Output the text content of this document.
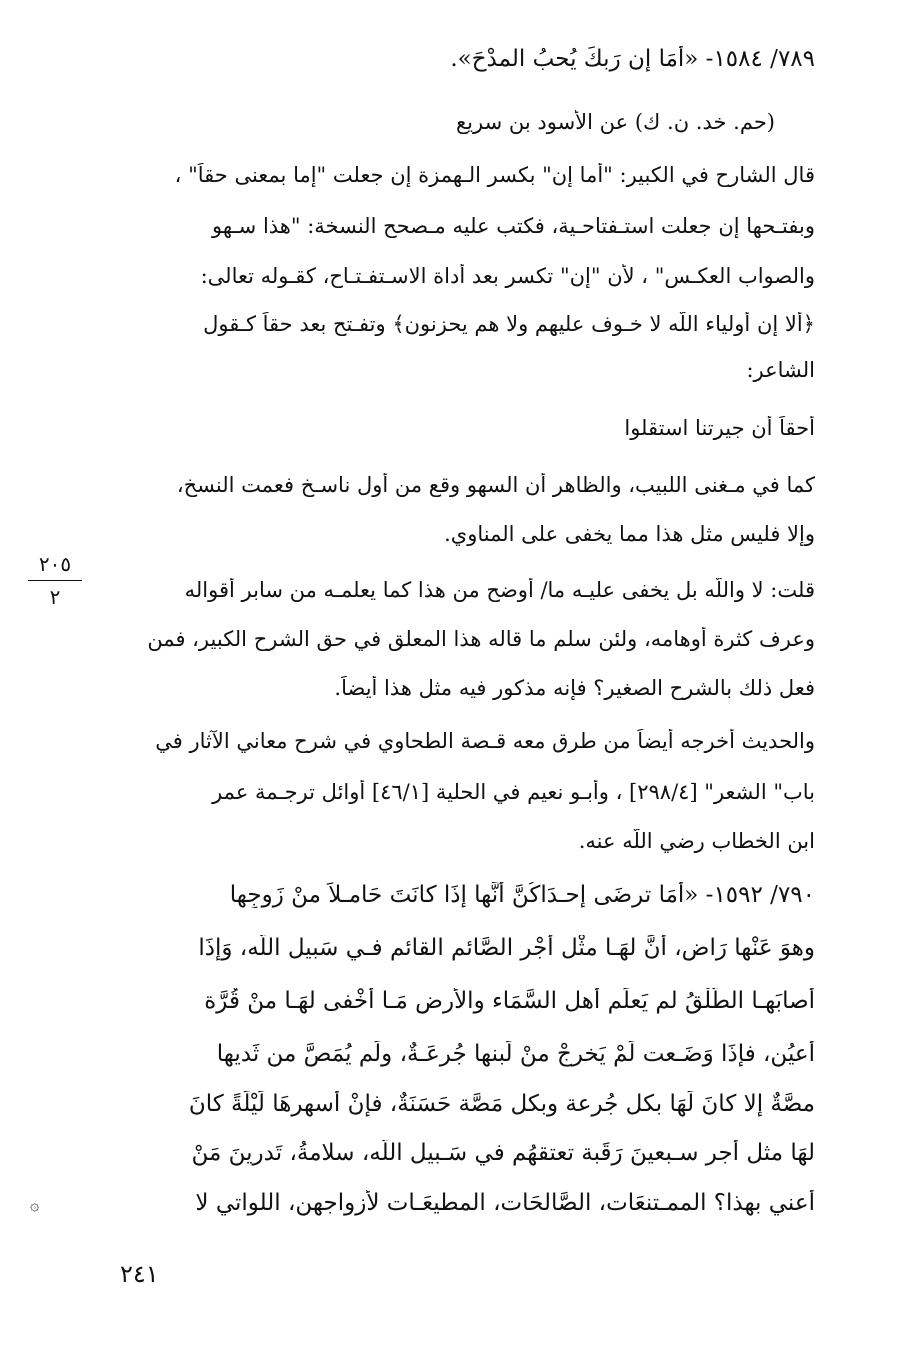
٧٨٩/ ١٥٨٤- «أَمَا إن رَبكَ يُحبُ المدْحَ».
(حم. خد. ن. ك) عن الأسود بن سريع
قال الشارح في الكبير: "أما إن" بكسر الـهمزة إن جعلت "إما بمعنى حقاً" ،
وبفتـحها إن جعلت استـفتاحـية، فكتب عليه مـصحح النسخة: "هذا سـهو
والصواب العكـس" ، لأن "إن" تكسر بعد أداة الاسـتفـتـاح، كقـوله تعالى:
﴿ألا إن أولياء اللَّه لا خـوف عليهم ولا هم يحزنون﴾ وتفـتح بعد حقاً كـقول
الشاعر:
أحقاً أن جيرتنا استقلوا
كما في مـغنى اللبيب، والظاهر أن السهو وقع من أول ناسـخ فعمت النسخ،
وإلا فليس مثل هذا مما يخفى على المناوي.
قلت: لا واللَّه بل يخفى عليـه ما/ أوضح من هذا كما يعلمـه من سابر أقواله
وعرف كثرة أوهامه، ولئن سلم ما قاله هذا المعلق في حق الشرح الكبير، فمن
فعل ذلك بالشرح الصغير؟ فإنه مذكور فيه مثل هذا أيضاً.
والحديث أخرجه أيضاً من طرق معه قـصة الطحاوي في شرح معاني الآثار في
باب" الشعر" [٢٩٨/٤] ، وأبـو نعيم في الحلية [٤٦/١] أوائل ترجـمة عمر
ابن الخطاب رضي اللَّه عنه.
٧٩٠/ ١٥٩٢- «أَمَا ترضَى إحـدَاكُنَّ أنَّها إذَا كانَتَ حَامـلاً منْ زَوجِها
وهوَ عَنْها رَاض، أنَّ لهَـا مثْل أجْر الصَّائم القائم فـي سَبيل اللَّه، وَإِذَا
أصابَهـا الطَّلْقُ لم يَعلَم أهل السَّمَاء والأرض مَـا أُخْفى لهَـا منْ قُرَّة
أعيُن، فإِذَا وَضَـعت لَمْ يَخرجْ منْ لَبنها جُرعَـةٌ، ولَم يُمَصَّ من ثَديها
مصَّةٌ إلا كانَ لَهَا بكل جُرعة وبكل مَصَّة حَسَنَةٌ، فإنْ أسهرهَا لَيْلَةً كانَ
لهَا مثل أجرِ سـبعينَ رَقَبة تعتقهُم في سَـبيل اللَّه، سلامةُ، تَدرينَ مَنْ
أعني بهذا؟ الممـتنعَات، الصَّالحَات، المطيعَـات لأزواجهن، اللواتي لا
٢٠٥
٢
۞
٢٤١
